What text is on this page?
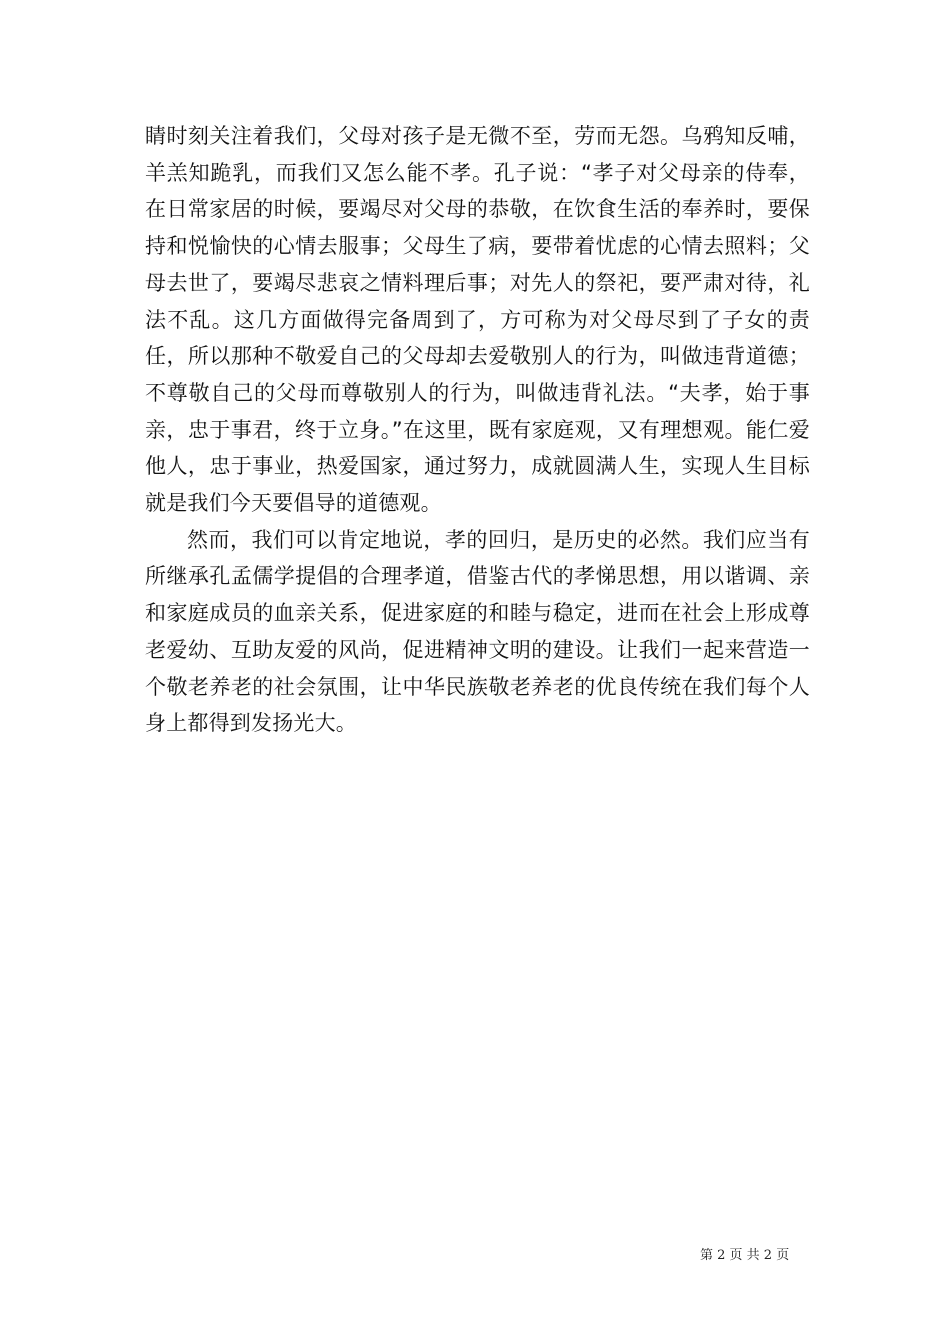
睛时刻关注着我们，父母对孩子是无微不至，劳而无怨。乌鸦知反哺，羊羔知跪乳，而我们又怎么能不孝。孔子说：“孝子对父母亲的侍奉，在日常家居的时候，要竭尽对父母的恭敬，在饮食生活的奉养时，要保持和悦愉快的心情去服事；父母生了病，要带着忧虑的心情去照料；父母去世了，要竭尽悲哀之情料理后事；对先人的祭祀，要严肃对待，礼法不乱。这几方面做得完备周到了，方可称为对父母尽到了子女的责任，所以那种不敬爱自己的父母却去爱敬别人的行为，叫做违背道德；不尊敬自己的父母而尊敬别人的行为，叫做违背礼法。“夫孝，始于事亲，忠于事君，终于立身。”在这里，既有家庭观，又有理想观。能仁爱他人，忠于事业，热爱国家，通过努力，成就圆满人生，实现人生目标就是我们今天要倡导的道德观。

然而，我们可以肯定地说，孝的回归，是历史的必然。我们应当有所继承孔孟儒学提倡的合理孝道，借鉴古代的孝悌思想，用以谐调、亲和家庭成员的血亲关系，促进家庭的和睦与稳定，进而在社会上形成尊老爱幼、互助友爱的风尚，促进精神文明的建设。让我们一起来营造一个敬老养老的社会氛围，让中华民族敬老养老的优良传统在我们每个人身上都得到发扬光大。

第 2 页 共 2 页
